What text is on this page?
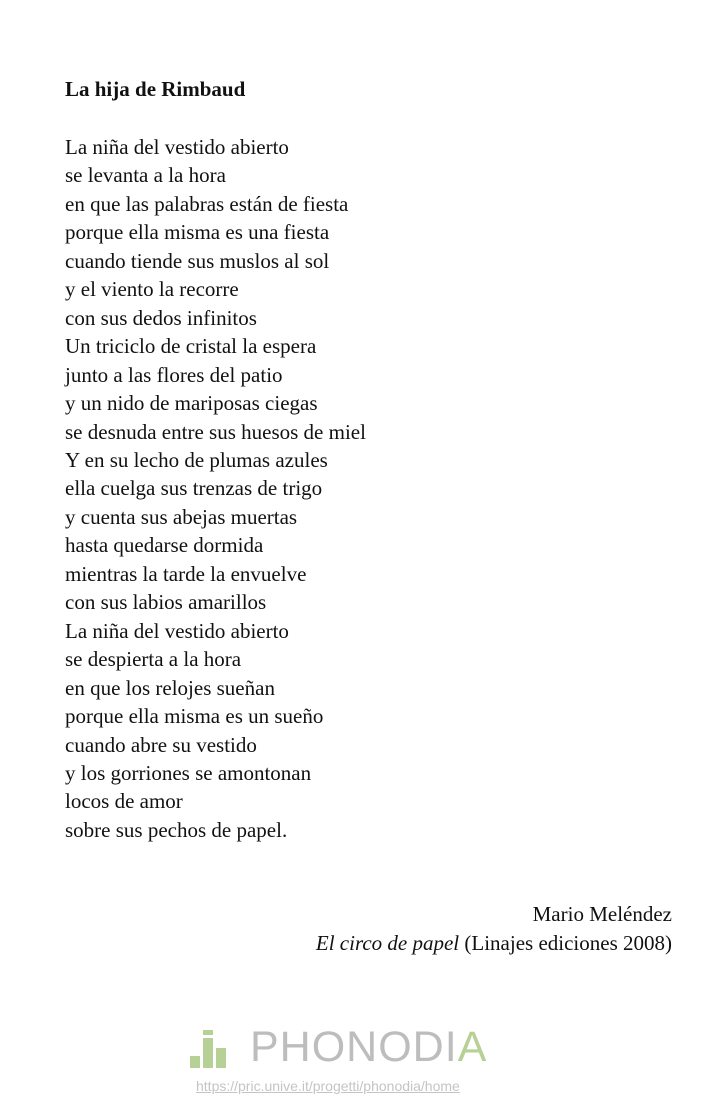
La hija de Rimbaud
La niña del vestido abierto
se levanta a la hora
en que las palabras están de fiesta
porque ella misma es una fiesta
cuando tiende sus muslos al sol
y el viento la recorre
con sus dedos infinitos
Un triciclo de cristal la espera
junto a las flores del patio
y un nido de mariposas ciegas
se desnuda entre sus huesos de miel
Y en su lecho de plumas azules
ella cuelga sus trenzas de trigo
y cuenta sus abejas muertas
hasta quedarse dormida
mientras la tarde la envuelve
con sus labios amarillos
La niña del vestido abierto
se despierta a la hora
en que los relojes sueñan
porque ella misma es un sueño
cuando abre su vestido
y los gorriones se amontonan
locos de amor
sobre sus pechos de papel.
Mario Meléndez
El circo de papel (Linajes ediciones 2008)
PHONODIA
https://pric.unive.it/progetti/phonodia/home
